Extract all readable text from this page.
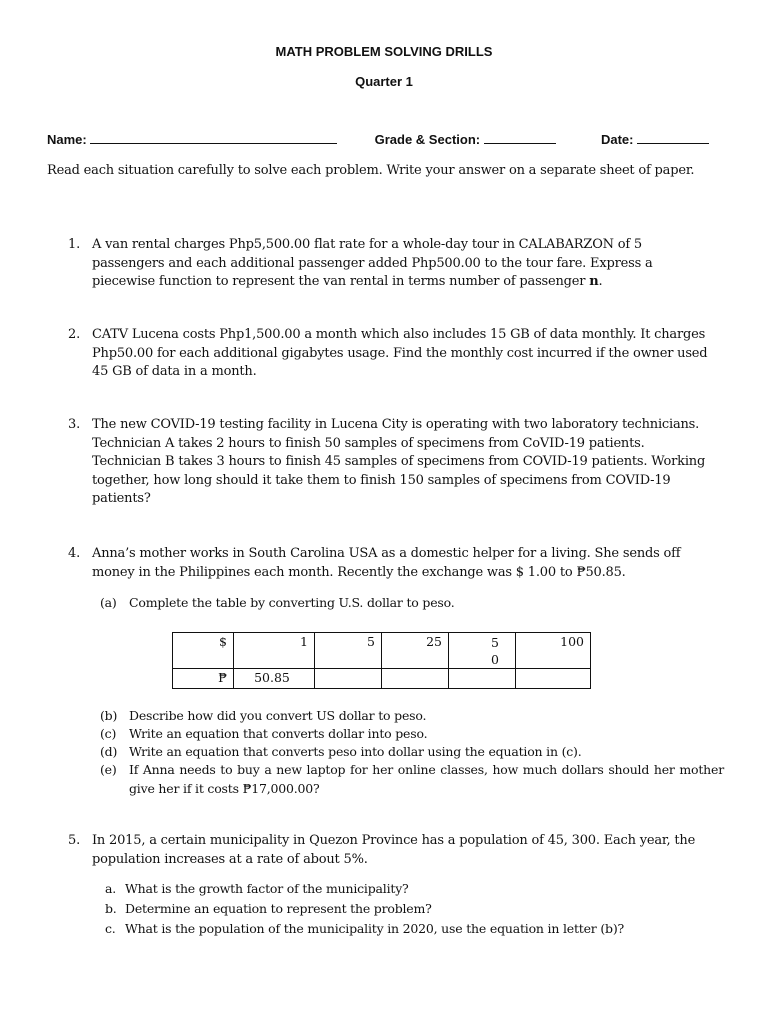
MATH PROBLEM SOLVING DRILLS
Quarter 1
Name:	Grade & Section:	Date:
Read each situation carefully to solve each problem. Write your answer on a separate sheet of paper.
1. A van rental charges Php5,500.00 flat rate for a whole-day tour in CALABARZON of 5 passengers and each additional passenger added Php500.00 to the tour fare. Express a piecewise function to represent the van rental in terms number of passenger n.
2. CATV Lucena costs Php1,500.00 a month which also includes 15 GB of data monthly. It charges Php50.00 for each additional gigabytes usage. Find the monthly cost incurred if the owner used 45 GB of data in a month.
3. The new COVID-19 testing facility in Lucena City is operating with two laboratory technicians. Technician A takes 2 hours to finish 50 samples of specimens from CoVID-19 patients. Technician B takes 3 hours to finish 45 samples of specimens from COVID-19 patients. Working together, how long should it take them to finish 150 samples of specimens from COVID-19 patients?
4. Anna’s mother works in South Carolina USA as a domestic helper for a living. She sends off money in the Philippines each month. Recently the exchange was $ 1.00 to ₱50.85.
(a) Complete the table by converting U.S. dollar to peso.
$	1	5	25	5 0	100
₱	50.85				
(b) Describe how did you convert US dollar to peso.
(c)	Write an equation that converts dollar into peso.
(d) Write an equation that converts peso into dollar using the equation in (c).
(e) If Anna needs to buy a new laptop for her online classes, how much dollars should her mother give her if it costs ₱17,000.00?
5. In 2015, a certain municipality in Quezon Province has a population of 45, 300. Each year, the population increases at a rate of about 5%.
a. What is the growth factor of the municipality?
b. Determine an equation to represent the problem?
c. What is the population of the municipality in 2020, use the equation in letter (b)?
